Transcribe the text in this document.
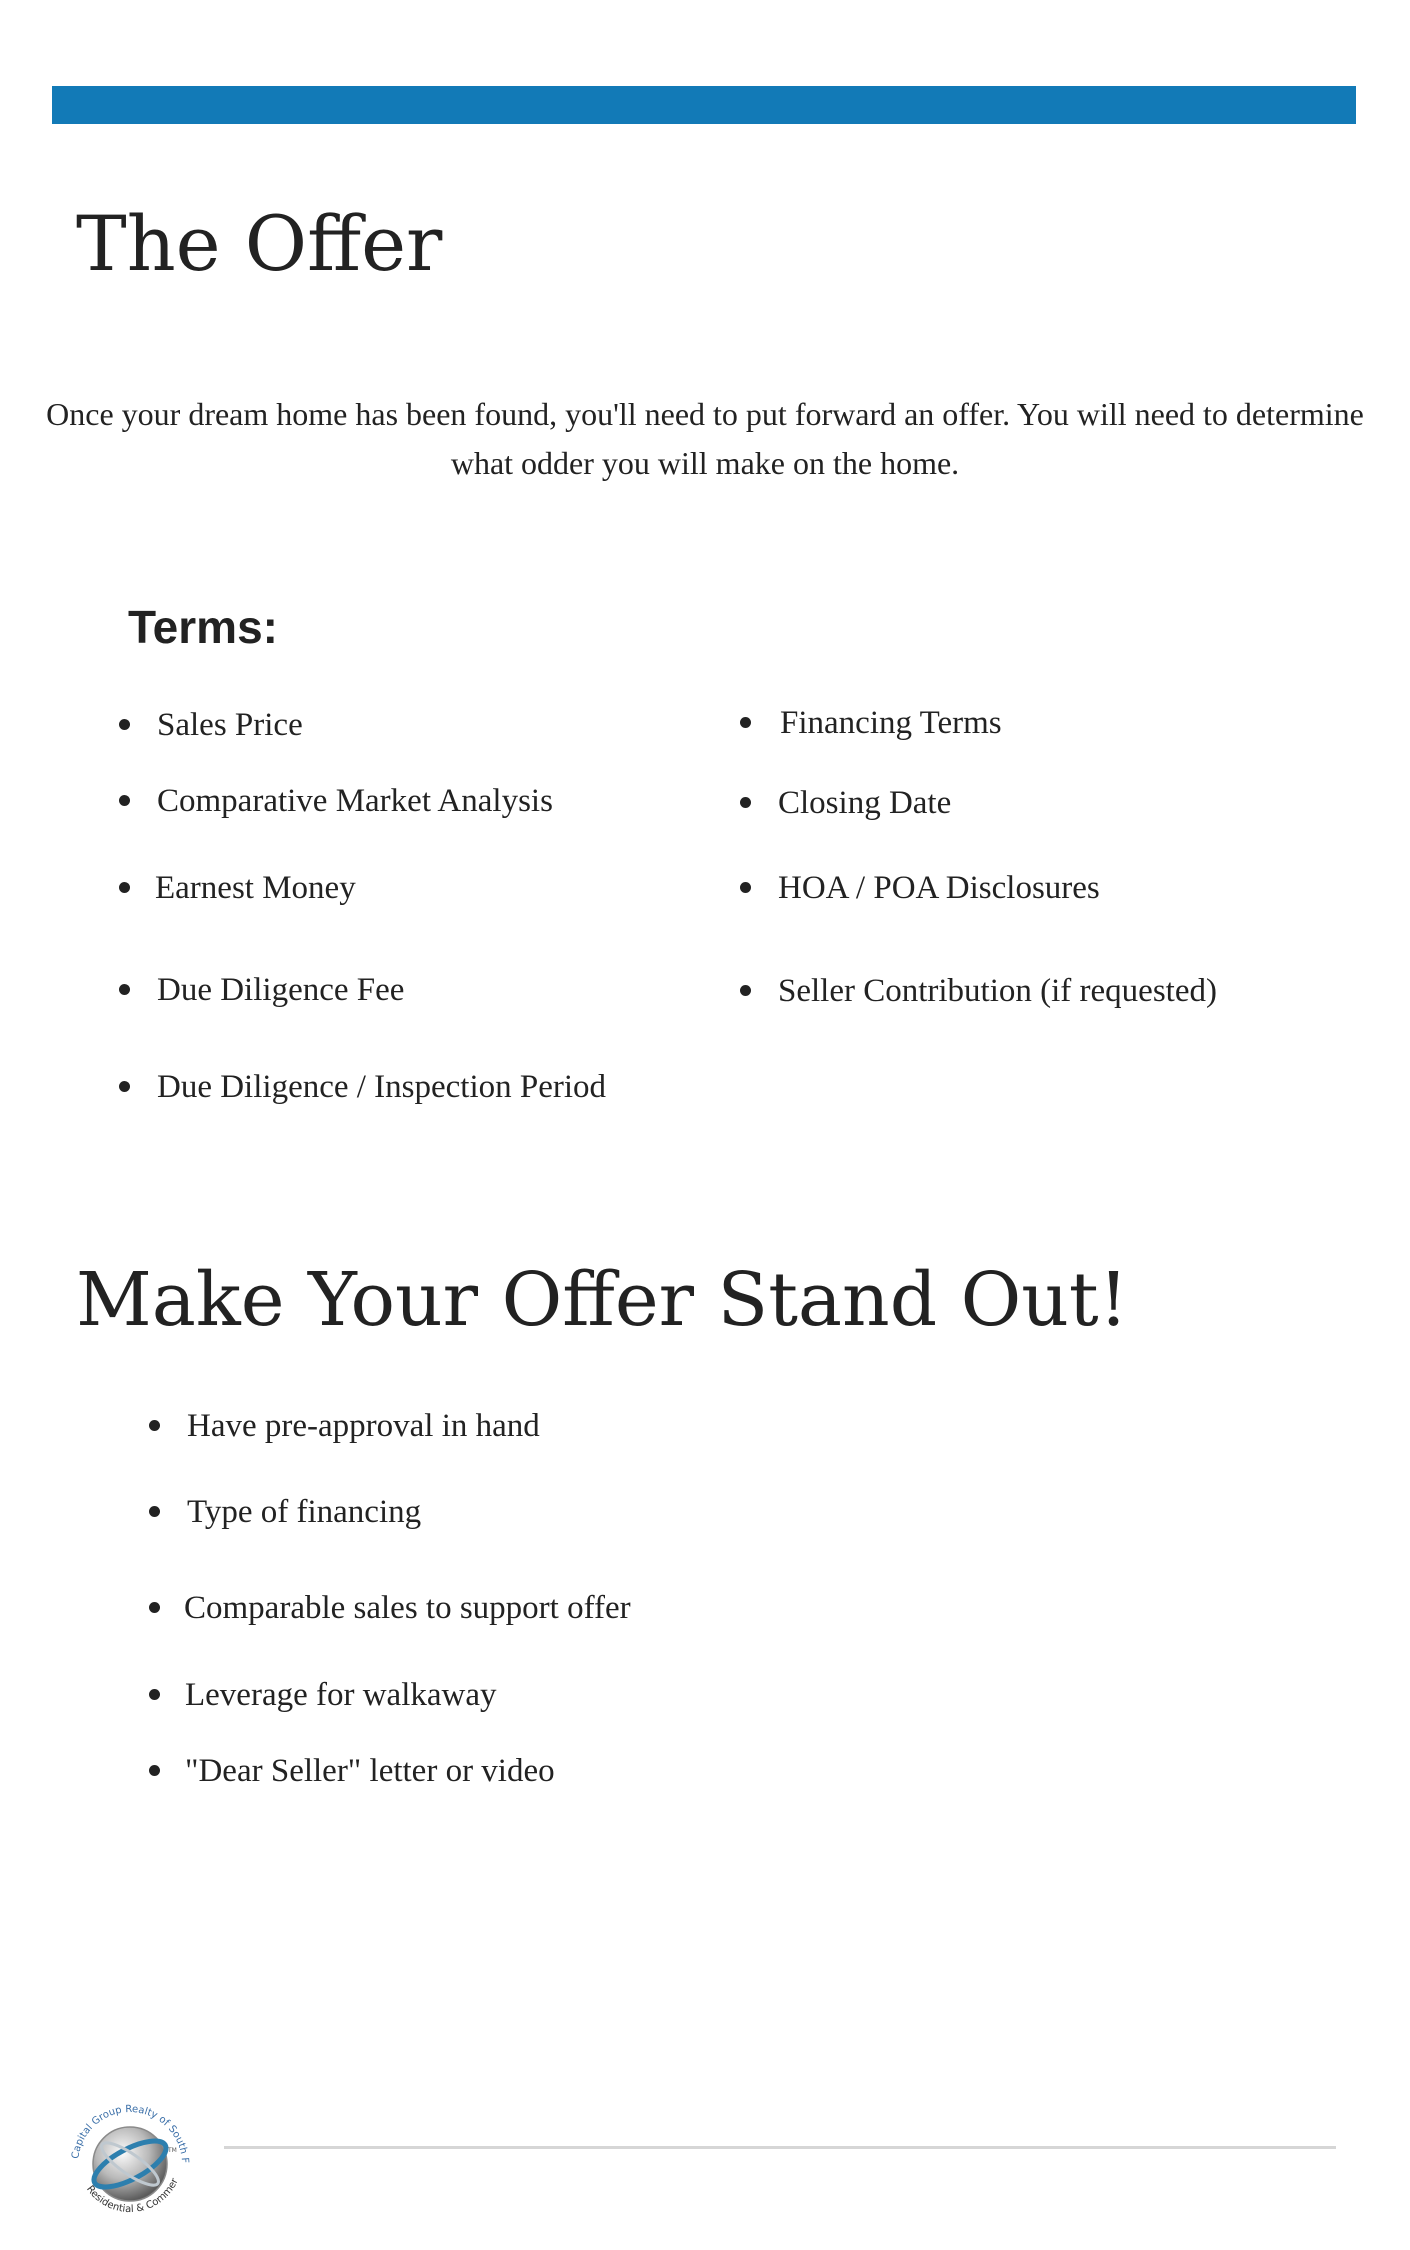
The Offer

Once your dream home has been found, you'll need to put forward an offer. You will need to determine what odder you will make on the home.

Terms:
Sales Price
Comparative Market Analysis
Earnest Money
Due Diligence Fee
Due Diligence / Inspection Period
Financing Terms
Closing Date
HOA / POA Disclosures
Seller Contribution (if requested)
Make Your Offer Stand Out!
Have pre-approval in hand
Type of financing
Comparable sales to support offer
Leverage for walkaway
"Dear Seller" letter or video
Capital Group Realty of South F
Residential & Commer
TM
